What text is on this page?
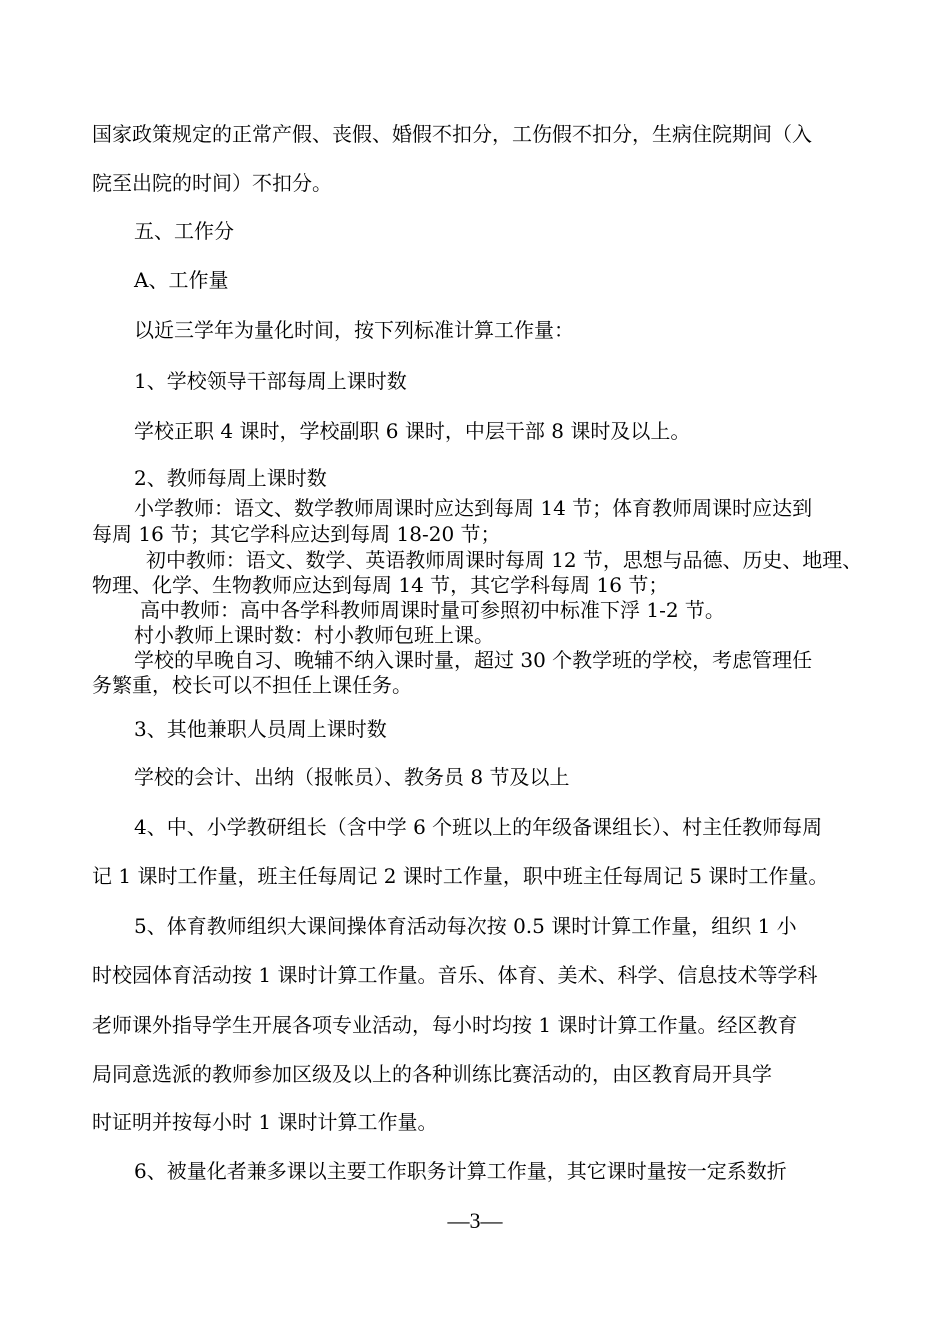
国家政策规定的正常产假、丧假、婚假不扣分，工伤假不扣分，生病住院期间（入
院至出院的时间）不扣分。
五、工作分
A、工作量
以近三学年为量化时间，按下列标准计算工作量：
1、学校领导干部每周上课时数
学校正职 4 课时，学校副职 6 课时，中层干部 8 课时及以上。
2、教师每周上课时数
小学教师：语文、数学教师周课时应达到每周 14 节；体育教师周课时应达到
每周 16 节；其它学科应达到每周 18-20 节；
初中教师：语文、数学、英语教师周课时每周 12 节，思想与品德、历史、地理、
物理、化学、生物教师应达到每周 14 节，其它学科每周 16 节；
高中教师：高中各学科教师周课时量可参照初中标准下浮 1-2 节。
村小教师上课时数：村小教师包班上课。
学校的早晚自习、晚辅不纳入课时量，超过 30 个教学班的学校，考虑管理任
务繁重，校长可以不担任上课任务。
3、其他兼职人员周上课时数
学校的会计、出纳（报帐员）、教务员 8 节及以上
4、中、小学教研组长（含中学 6 个班以上的年级备课组长）、村主任教师每周
记 1 课时工作量，班主任每周记 2 课时工作量，职中班主任每周记 5 课时工作量。
5、体育教师组织大课间操体育活动每次按 0.5 课时计算工作量，组织 1 小
时校园体育活动按 1 课时计算工作量。音乐、体育、美术、科学、信息技术等学科
老师课外指导学生开展各项专业活动，每小时均按 1 课时计算工作量。经区教育
局同意选派的教师参加区级及以上的各种训练比赛活动的，由区教育局开具学
时证明并按每小时 1 课时计算工作量。
6、被量化者兼多课以主要工作职务计算工作量，其它课时量按一定系数折
—3—
